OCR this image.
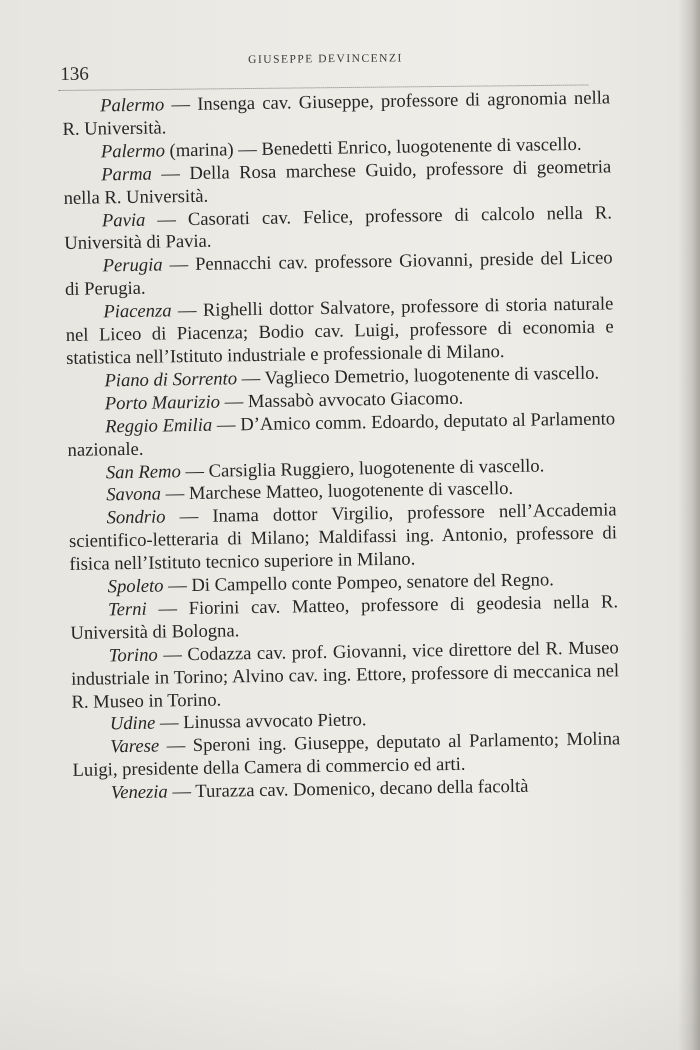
136
GIUSEPPE DEVINCENZI

Palermo — Insenga cav. Giuseppe, professore di agronomia nella R. Università.

Palermo (marina) — Benedetti Enrico, luogotenente di vascello.

Parma — Della Rosa marchese Guido, professore di geometria nella R. Università.

Pavia — Casorati cav. Felice, professore di calcolo nella R. Università di Pavia.

Perugia — Pennacchi cav. professore Giovanni, preside del Liceo di Perugia.

Piacenza — Righelli dottor Salvatore, professore di storia naturale nel Liceo di Piacenza; Bodio cav. Luigi, professore di economia e statistica nell’Istituto industriale e professionale di Milano.

Piano di Sorrento — Vaglieco Demetrio, luogotenente di vascello.

Porto Maurizio — Massabò avvocato Giacomo.

Reggio Emilia — D’Amico comm. Edoardo, deputato al Parlamento nazionale.

San Remo — Carsiglia Ruggiero, luogotenente di vascello.

Savona — Marchese Matteo, luogotenente di vascello.

Sondrio — Inama dottor Virgilio, professore nell’Accademia scientifico-letteraria di Milano; Maldifassi ing. Antonio, professore di fisica nell’Istituto tecnico superiore in Milano.

Spoleto — Di Campello conte Pompeo, senatore del Regno.

Terni — Fiorini cav. Matteo, professore di geodesia nella R. Università di Bologna.

Torino — Codazza cav. prof. Giovanni, vice direttore del R. Museo industriale in Torino; Alvino cav. ing. Ettore, professore di meccanica nel R. Museo in Torino.

Udine — Linussa avvocato Pietro.

Varese — Speroni ing. Giuseppe, deputato al Parlamento; Molina Luigi, presidente della Camera di commercio ed arti.

Venezia — Turazza cav. Domenico, decano della facoltà
